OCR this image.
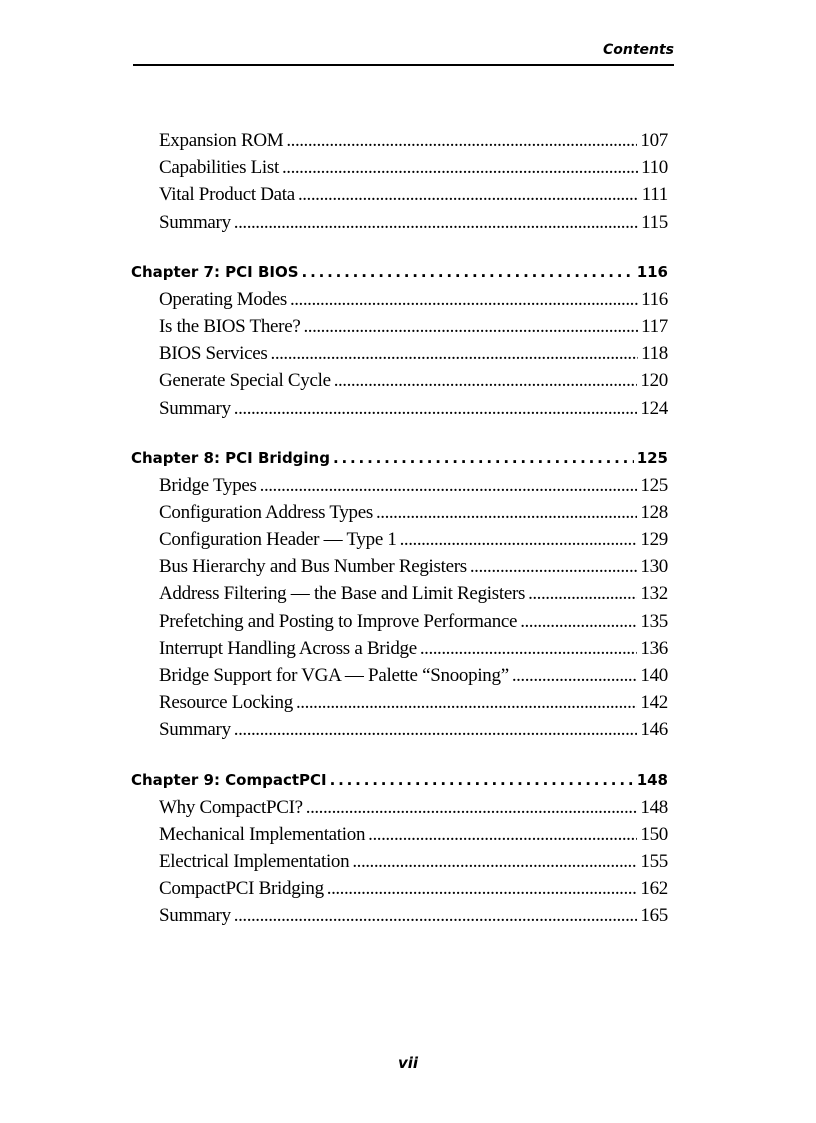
Contents
Expansion ROM . . .	107
Capabilities List . . .	110
Vital Product Data . . .	111
Summary . . .	115
Chapter 7: PCI BIOS . . .	116
Operating Modes . . .	116
Is the BIOS There? . . .	117
BIOS Services . . .	118
Generate Special Cycle . . .	120
Summary . . .	124
Chapter 8: PCI Bridging . . .	125
Bridge Types . . .	125
Configuration Address Types . . .	128
Configuration Header — Type 1 . . .	129
Bus Hierarchy and Bus Number Registers . . .	130
Address Filtering — the Base and Limit Registers . . .	132
Prefetching and Posting to Improve Performance . . .	135
Interrupt Handling Across a Bridge . . .	136
Bridge Support for VGA — Palette “Snooping” . . .	140
Resource Locking . . .	142
Summary . . .	146
Chapter 9: CompactPCI . . .	148
Why CompactPCI? . . .	148
Mechanical Implementation . . .	150
Electrical Implementation . . .	155
CompactPCI Bridging . . .	162
Summary . . .	165
vii
